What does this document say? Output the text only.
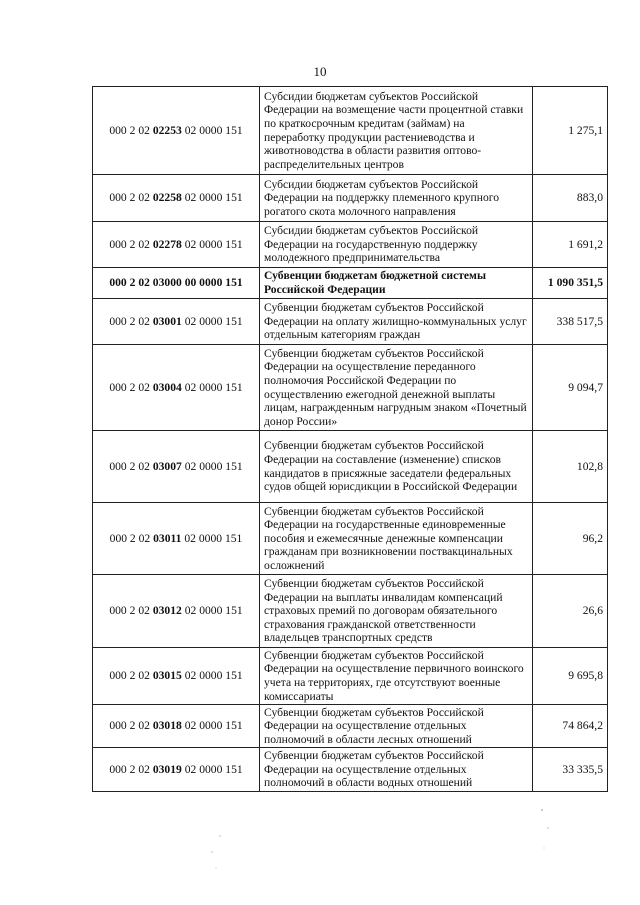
10
000 2 02 02253 02 0000 151	Субсидии бюджетам субъектов Российской Федерации на возмещение части процентной ставки по краткосрочным кредитам (займам) на переработку продукции растениеводства и животноводства в области развития оптово-распределительных центров	1 275,1
000 2 02 02258 02 0000 151	Субсидии бюджетам субъектов Российской Федерации на поддержку племенного крупного рогатого скота молочного направления	883,0
000 2 02 02278 02 0000 151	Субсидии бюджетам субъектов Российской Федерации на государственную поддержку молодежного предпринимательства	1 691,2
000 2 02 03000 00 0000 151	Субвенции бюджетам бюджетной системы Российской Федерации	1 090 351,5
000 2 02 03001 02 0000 151	Субвенции бюджетам субъектов Российской Федерации на оплату жилищно-коммунальных услуг отдельным категориям граждан	338 517,5
000 2 02 03004 02 0000 151	Субвенции бюджетам субъектов Российской Федерации на осуществление переданного полномочия Российской Федерации по осуществлению ежегодной денежной выплаты лицам, награжденным нагрудным знаком «Почетный донор России»	9 094,7
000 2 02 03007 02 0000 151	Субвенции бюджетам субъектов Российской Федерации на составление (изменение) списков кандидатов в присяжные заседатели федеральных судов общей юрисдикции в Российской Федерации	102,8
000 2 02 03011 02 0000 151	Субвенции бюджетам субъектов Российской Федерации на государственные единовременные пособия и ежемесячные денежные компенсации гражданам при возникновении поствакцинальных осложнений	96,2
000 2 02 03012 02 0000 151	Субвенции бюджетам субъектов Российской Федерации на выплаты инвалидам компенсаций страховых премий по договорам обязательного страхования гражданской ответственности владельцев транспортных средств	26,6
000 2 02 03015 02 0000 151	Субвенции бюджетам субъектов Российской Федерации на осуществление первичного воинского учета на территориях, где отсутствуют военные комиссариаты	9 695,8
000 2 02 03018 02 0000 151	Субвенции бюджетам субъектов Российской Федерации на осуществление отдельных полномочий в области лесных отношений	74 864,2
000 2 02 03019 02 0000 151	Субвенции бюджетам субъектов Российской Федерации на осуществление отдельных полномочий в области водных отношений	33 335,5
